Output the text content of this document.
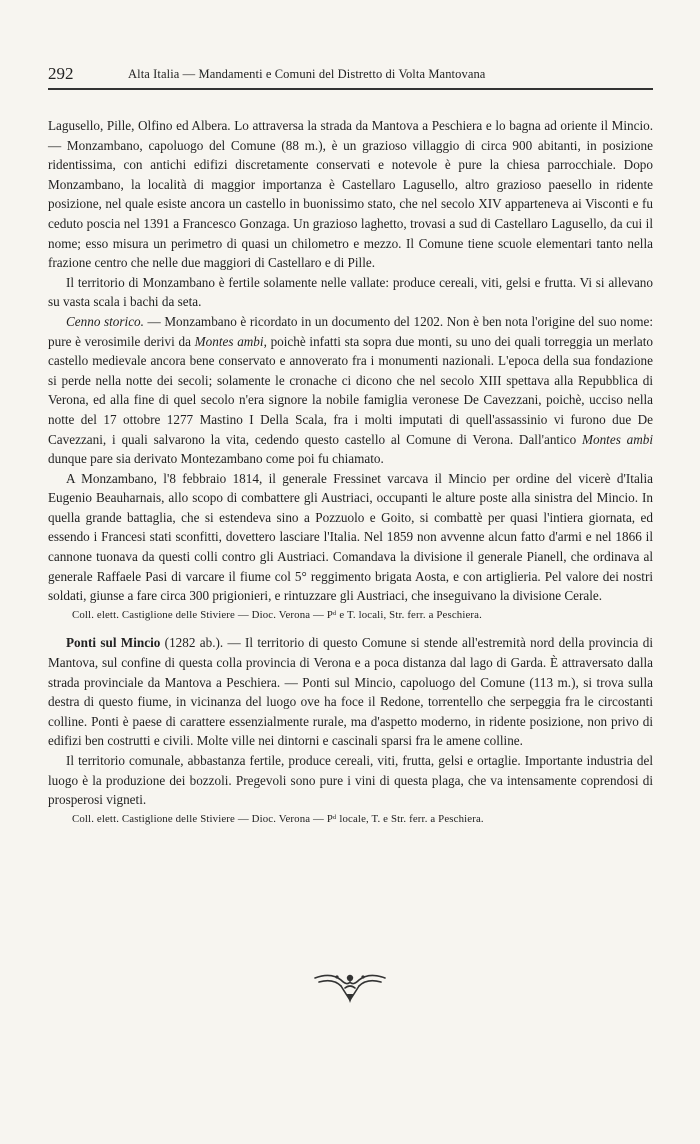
292	Alta Italia — Mandamenti e Comuni del Distretto di Volta Mantovana

Lagusello, Pille, Olfino ed Albera. Lo attraversa la strada da Mantova a Peschiera e lo bagna ad oriente il Mincio. — Monzambano, capoluogo del Comune (88 m.), è un grazioso villaggio di circa 900 abitanti, in posizione ridentissima, con antichi edifizi discretamente conservati e notevole è pure la chiesa parrocchiale. Dopo Monzambano, la località di maggior importanza è Castellaro Lagusello, altro grazioso paesello in ridente posizione, nel quale esiste ancora un castello in buonissimo stato, che nel secolo XIV apparteneva ai Visconti e fu ceduto poscia nel 1391 a Francesco Gonzaga. Un grazioso laghetto, trovasi a sud di Castellaro Lagusello, da cui il nome; esso misura un perimetro di quasi un chilometro e mezzo. Il Comune tiene scuole elementari tanto nella frazione centro che nelle due maggiori di Castellaro e di Pille.

Il territorio di Monzambano è fertile solamente nelle vallate: produce cereali, viti, gelsi e frutta. Vi si allevano su vasta scala i bachi da seta.

Cenno storico. — Monzambano è ricordato in un documento del 1202. Non è ben nota l'origine del suo nome: pure è verosimile derivi da Montes ambi, poichè infatti sta sopra due monti, su uno dei quali torreggia un merlato castello medievale ancora bene conservato e annoverato fra i monumenti nazionali. L'epoca della sua fondazione si perde nella notte dei secoli; solamente le cronache ci dicono che nel secolo XIII spettava alla Repubblica di Verona, ed alla fine di quel secolo n'era signore la nobile famiglia veronese De Cavezzani, poichè, ucciso nella notte del 17 ottobre 1277 Mastino I Della Scala, fra i molti imputati di quell'assassinio vi furono due De Cavezzani, i quali salvarono la vita, cedendo questo castello al Comune di Verona. Dall'antico Montes ambi dunque pare sia derivato Montezambano come poi fu chiamato.

A Monzambano, l'8 febbraio 1814, il generale Fressinet varcava il Mincio per ordine del vicerè d'Italia Eugenio Beauharnais, allo scopo di combattere gli Austriaci, occupanti le alture poste alla sinistra del Mincio. In quella grande battaglia, che si estendeva sino a Pozzuolo e Goito, si combattè per quasi l'intiera giornata, ed essendo i Francesi stati sconfitti, dovettero lasciare l'Italia. Nel 1859 non avvenne alcun fatto d'armi e nel 1866 il cannone tuonava da questi colli contro gli Austriaci. Comandava la divisione il generale Pianell, che ordinava al generale Raffaele Pasi di varcare il fiume col 5° reggimento brigata Aosta, e con artiglieria. Pel valore dei nostri soldati, giunse a fare circa 300 prigionieri, e rintuzzare gli Austriaci, che inseguivano la divisione Cerale.

Coll. elett. Castiglione delle Stiviere — Dioc. Verona — Pᵈ e T. locali, Str. ferr. a Peschiera.

Ponti sul Mincio (1282 ab.). — Il territorio di questo Comune si stende all'estremità nord della provincia di Mantova, sul confine di questa colla provincia di Verona e a poca distanza dal lago di Garda. È attraversato dalla strada provinciale da Mantova a Peschiera. — Ponti sul Mincio, capoluogo del Comune (113 m.), si trova sulla destra di questo fiume, in vicinanza del luogo ove ha foce il Redone, torrentello che serpeggia fra le circostanti colline. Ponti è paese di carattere essenzialmente rurale, ma d'aspetto moderno, in ridente posizione, non privo di edifizi ben costrutti e civili. Molte ville nei dintorni e cascinali sparsi fra le amene colline.

Il territorio comunale, abbastanza fertile, produce cereali, viti, frutta, gelsi e ortaglie. Importante industria del luogo è la produzione dei bozzoli. Pregevoli sono pure i vini di questa plaga, che va intensamente coprendosi di prosperosi vigneti.

Coll. elett. Castiglione delle Stiviere — Dioc. Verona — Pᵈ locale, T. e Str. ferr. a Peschiera.
